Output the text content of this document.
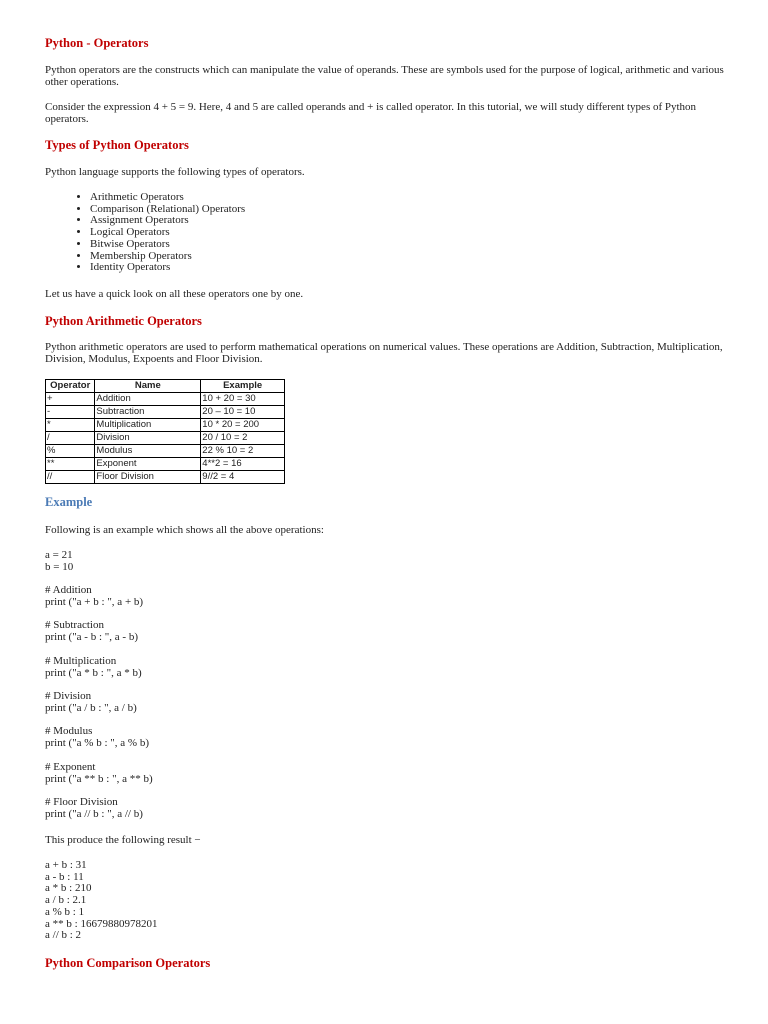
Python - Operators

Python operators are the constructs which can manipulate the value of operands. These are symbols used for the purpose of logical, arithmetic and various other operations.

Consider the expression 4 + 5 = 9. Here, 4 and 5 are called operands and + is called operator. In this tutorial, we will study different types of Python operators.

Types of Python Operators

Python language supports the following types of operators.

• Arithmetic Operators
• Comparison (Relational) Operators
• Assignment Operators
• Logical Operators
• Bitwise Operators
• Membership Operators
• Identity Operators

Let us have a quick look on all these operators one by one.

Python Arithmetic Operators

Python arithmetic operators are used to perform mathematical operations on numerical values. These operations are Addition, Subtraction, Multiplication, Division, Modulus, Expoents and Floor Division.

Operator	Name	Example
+	Addition	10 + 20 = 30
-	Subtraction	20 – 10 = 10
*	Multiplication	10 * 20 = 200
/	Division	20 / 10 = 2
%	Modulus	22 % 10 = 2
**	Exponent	4**2 = 16
//	Floor Division	9//2 = 4
Example

Following is an example which shows all the above operations:

a = 21

b = 10

# Addition

print ("a + b : ", a + b)

# Subtraction

print ("a - b : ", a - b)

# Multiplication

print ("a * b : ", a * b)

# Division

print ("a / b : ", a / b)

# Modulus

print ("a % b : ", a % b)

# Exponent

print ("a ** b : ", a ** b)

# Floor Division

print ("a // b : ", a // b)

This produce the following result −

a + b : 31

a - b : 11

a * b : 210

a / b : 2.1

a % b : 1

a ** b : 16679880978201

a // b : 2

Python Comparison Operators
